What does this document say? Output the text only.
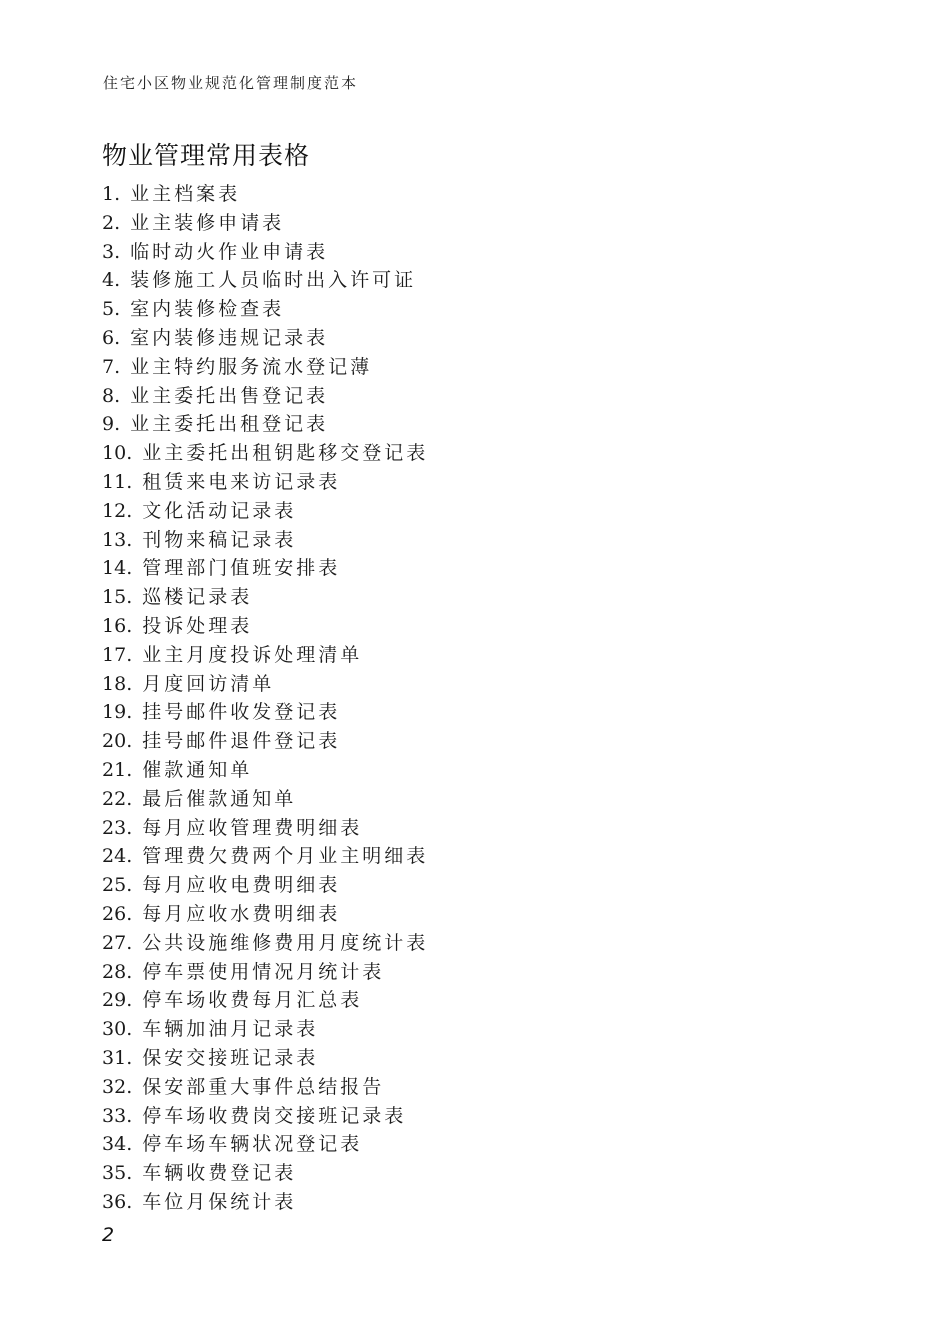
住宅小区物业规范化管理制度范本
物业管理常用表格
1. 业主档案表
2. 业主装修申请表
3. 临时动火作业申请表
4. 装修施工人员临时出入许可证
5. 室内装修检查表
6. 室内装修违规记录表
7. 业主特约服务流水登记薄
8. 业主委托出售登记表
9. 业主委托出租登记表
10. 业主委托出租钥匙移交登记表
11. 租赁来电来访记录表
12. 文化活动记录表
13. 刊物来稿记录表
14. 管理部门值班安排表
15. 巡楼记录表
16. 投诉处理表
17. 业主月度投诉处理清单
18. 月度回访清单
19. 挂号邮件收发登记表
20. 挂号邮件退件登记表
21. 催款通知单
22. 最后催款通知单
23. 每月应收管理费明细表
24. 管理费欠费两个月业主明细表
25. 每月应收电费明细表
26. 每月应收水费明细表
27. 公共设施维修费用月度统计表
28. 停车票使用情况月统计表
29. 停车场收费每月汇总表
30. 车辆加油月记录表
31. 保安交接班记录表
32. 保安部重大事件总结报告
33. 停车场收费岗交接班记录表
34. 停车场车辆状况登记表
35. 车辆收费登记表
36. 车位月保统计表
2
